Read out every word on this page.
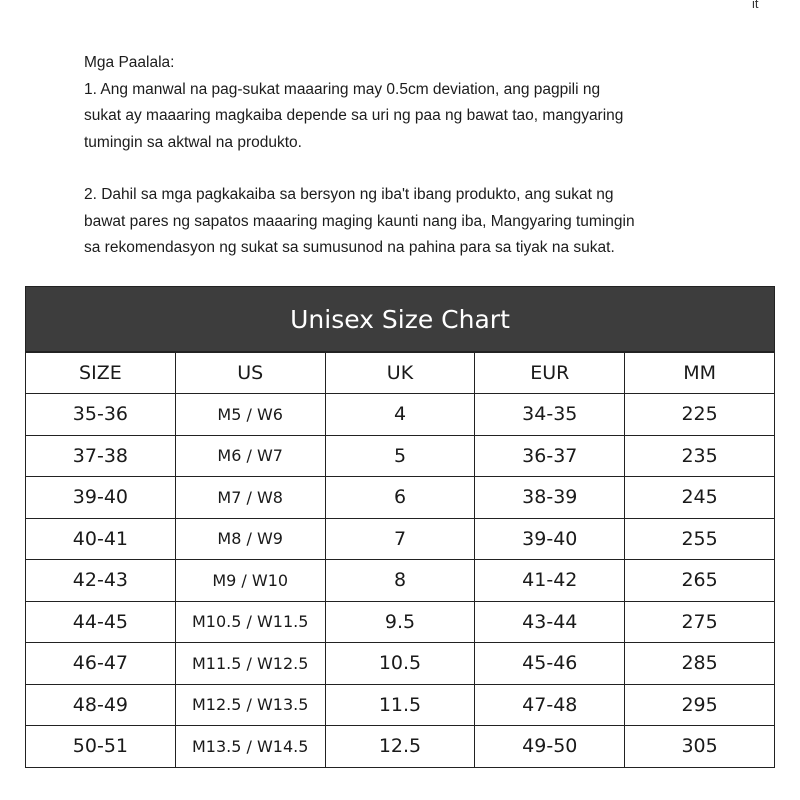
it

Mga Paalala:

1. Ang manwal na pag-sukat maaaring may 0.5cm deviation, ang pagpili ng

sukat ay maaaring magkaiba depende sa uri ng paa ng bawat tao, mangyaring

tumingin sa aktwal na produkto.

2. Dahil sa mga pagkakaiba sa bersyon ng iba't ibang produkto, ang sukat ng

bawat pares ng sapatos maaaring maging kaunti nang iba, Mangyaring tumingin

sa rekomendasyon ng sukat sa sumusunod na pahina para sa tiyak na sukat.

Unisex Size Chart
SIZE	US	UK	EUR	MM
35-36	M5 / W6	4	34-35	225
37-38	M6 / W7	5	36-37	235
39-40	M7 / W8	6	38-39	245
40-41	M8 / W9	7	39-40	255
42-43	M9 / W10	8	41-42	265
44-45	M10.5 / W11.5	9.5	43-44	275
46-47	M11.5 / W12.5	10.5	45-46	285
48-49	M12.5 / W13.5	11.5	47-48	295
50-51	M13.5 / W14.5	12.5	49-50	305
